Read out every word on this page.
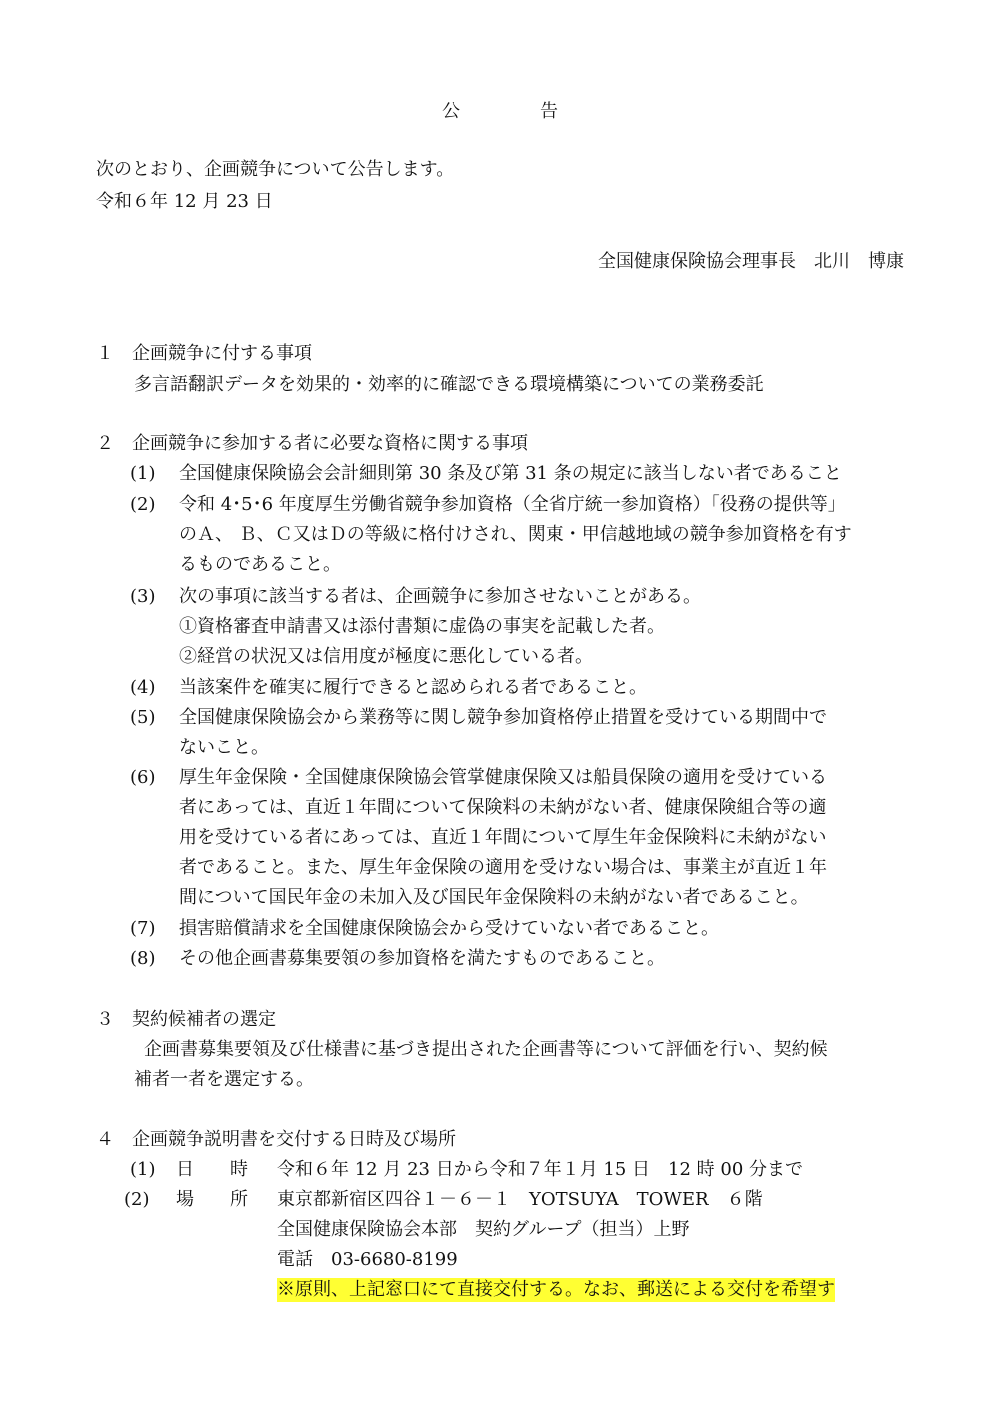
公	告
次のとおり、企画競争について公告します。
令和６年 12 月 23 日
全国健康保険協会理事長　北川　博康
１　企画競争に付する事項
多言語翻訳データを効果的・効率的に確認できる環境構築についての業務委託
２　企画競争に参加する者に必要な資格に関する事項
(1) 全国健康保険協会会計細則第 30 条及び第 31 条の規定に該当しない者であること
(2) 令和 4･5･6 年度厚生労働省競争参加資格（全省庁統一参加資格）「役務の提供等」
のＡ、 Ｂ、Ｃ又はＤの等級に格付けされ、関東・甲信越地域の競争参加資格を有す
るものであること。
(3) 次の事項に該当する者は、企画競争に参加させないことがある。
①資格審査申請書又は添付書類に虚偽の事実を記載した者。
②経営の状況又は信用度が極度に悪化している者。
(4) 当該案件を確実に履行できると認められる者であること。
(5) 全国健康保険協会から業務等に関し競争参加資格停止措置を受けている期間中で
ないこと。
(6) 厚生年金保険・全国健康保険協会管掌健康保険又は船員保険の適用を受けている
者にあっては、直近１年間について保険料の未納がない者、健康保険組合等の適
用を受けている者にあっては、直近１年間について厚生年金保険料に未納がない
者であること。また、厚生年金保険の適用を受けない場合は、事業主が直近１年
間について国民年金の未加入及び国民年金保険料の未納がない者であること。
(7) 損害賠償請求を全国健康保険協会から受けていない者であること。
(8) その他企画書募集要領の参加資格を満たすものであること。
３　契約候補者の選定
企画書募集要領及び仕様書に基づき提出された企画書等について評価を行い、契約候
補者一者を選定する。
４　企画競争説明書を交付する日時及び場所
(1) 日　　時 令和６年 12 月 23 日から令和７年１月 15 日　12 時 00 分まで
(2) 場　　所 東京都新宿区四谷１－６－１　YOTSUYA　TOWER　６階
全国健康保険協会本部　契約グループ（担当）上野
電話　03-6680-8199
※原則、上記窓口にて直接交付する。なお、郵送による交付を希望す
